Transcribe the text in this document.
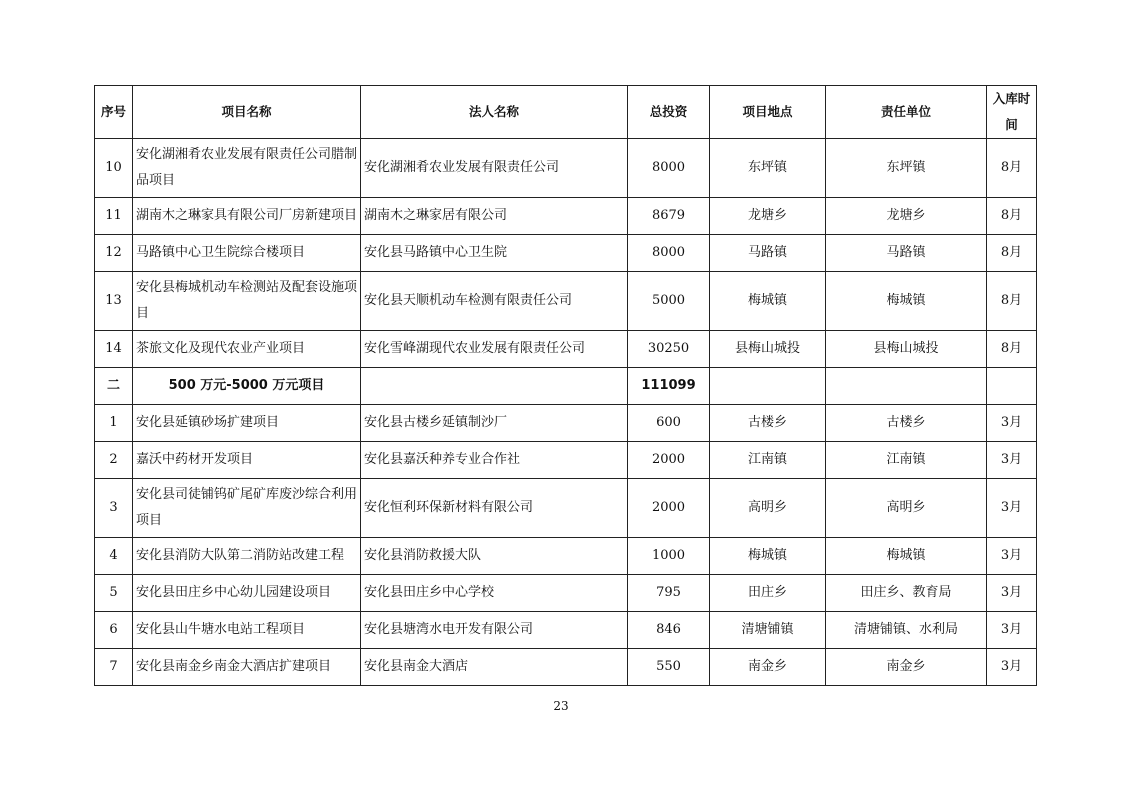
序号	项目名称	法人名称	总投资	项目地点	责任单位	入库时间
10	安化湖湘肴农业发展有限责任公司腊制品项目	安化湖湘肴农业发展有限责任公司	8000	东坪镇	东坪镇	8月
11	湖南木之琳家具有限公司厂房新建项目	湖南木之琳家居有限公司	8679	龙塘乡	龙塘乡	8月
12	马路镇中心卫生院综合楼项目	安化县马路镇中心卫生院	8000	马路镇	马路镇	8月
13	安化县梅城机动车检测站及配套设施项目	安化县天顺机动车检测有限责任公司	5000	梅城镇	梅城镇	8月
14	茶旅文化及现代农业产业项目	安化雪峰湖现代农业发展有限责任公司	30250	县梅山城投	县梅山城投	8月
二	500 万元-5000 万元项目		111099			
1	安化县延镇砂场扩建项目	安化县古楼乡延镇制沙厂	600	古楼乡	古楼乡	3月
2	嘉沃中药材开发项目	安化县嘉沃种养专业合作社	2000	江南镇	江南镇	3月
3	安化县司徒铺钨矿尾矿库废沙综合利用项目	安化恒利环保新材料有限公司	2000	高明乡	高明乡	3月
4	安化县消防大队第二消防站改建工程	安化县消防救援大队	1000	梅城镇	梅城镇	3月
5	安化县田庄乡中心幼儿园建设项目	安化县田庄乡中心学校	795	田庄乡	田庄乡、教育局	3月
6	安化县山牛塘水电站工程项目	安化县塘湾水电开发有限公司	846	清塘铺镇	清塘铺镇、水利局	3月
7	安化县南金乡南金大酒店扩建项目	安化县南金大酒店	550	南金乡	南金乡	3月
23
